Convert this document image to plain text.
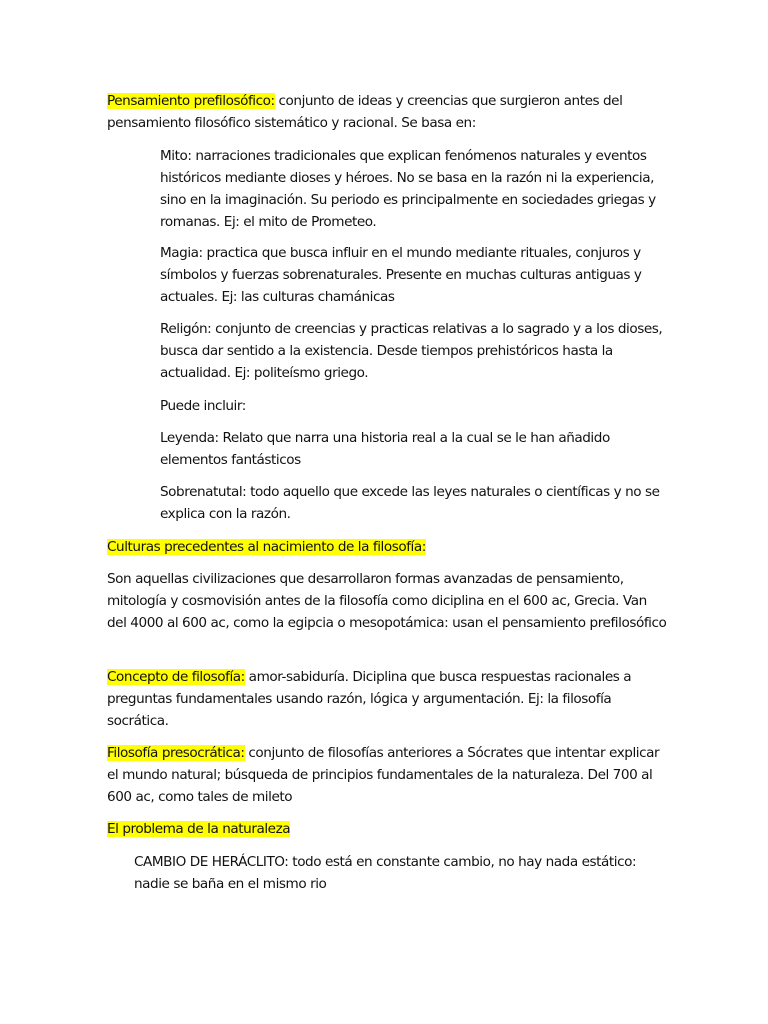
Pensamiento prefilosófico: conjunto de ideas y creencias que surgieron antes del pensamiento filosófico sistemático y racional. Se basa en:

Mito: narraciones tradicionales que explican fenómenos naturales y eventos históricos mediante dioses y héroes. No se basa en la razón ni la experiencia, sino en la imaginación. Su periodo es principalmente en sociedades griegas y romanas. Ej: el mito de Prometeo.

Magia: practica que busca influir en el mundo mediante rituales, conjuros y símbolos y fuerzas sobrenaturales. Presente en muchas culturas antiguas y actuales. Ej: las culturas chamánicas

Religón: conjunto de creencias y practicas relativas a lo sagrado y a los dioses, busca dar sentido a la existencia. Desde tiempos prehistóricos hasta la actualidad. Ej: politeísmo griego.

Puede incluir:

Leyenda: Relato que narra una historia real a la cual se le han añadido elementos fantásticos

Sobrenatutal: todo aquello que excede las leyes naturales o científicas y no se explica con la razón.

Culturas precedentes al nacimiento de la filosofía:

Son aquellas civilizaciones que desarrollaron formas avanzadas de pensamiento, mitología y cosmovisión antes de la filosofía como diciplina en el 600 ac, Grecia. Van del 4000 al 600 ac, como la egipcia o mesopotámica: usan el pensamiento prefilosófico

Concepto de filosofía: amor-sabiduría. Diciplina que busca respuestas racionales a preguntas fundamentales usando razón, lógica y argumentación. Ej: la filosofía socrática.

Filosofía presocrática: conjunto de filosofías anteriores a Sócrates que intentar explicar el mundo natural; búsqueda de principios fundamentales de la naturaleza. Del 700 al 600 ac, como tales de mileto

El problema de la naturaleza

CAMBIO DE HERÁCLITO: todo está en constante cambio, no hay nada estático: nadie se baña en el mismo rio
